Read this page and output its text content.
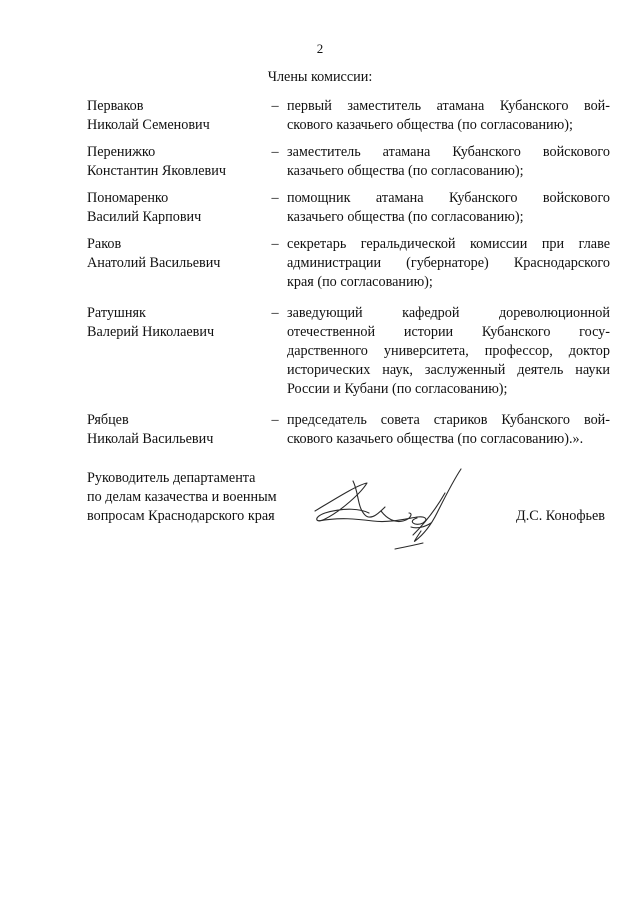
2
Члены комиссии:
Перваков
Николай Семенович
– первый заместитель атамана Кубанского вой-
скового казачьего общества (по согласованию);
Перенижко
Константин Яковлевич
– заместитель атамана Кубанского войскового
казачьего общества (по согласованию);
Пономаренко
Василий Карпович
– помощник атамана Кубанского войскового
казачьего общества (по согласованию);
Раков
Анатолий Васильевич
– секретарь геральдической комиссии при главе
администрации (губернаторе) Краснодарского
края (по согласованию);
Ратушняк
Валерий Николаевич
– заведующий кафедрой дореволюционной
отечественной истории Кубанского госу-
дарственного университета, профессор, доктор
исторических наук, заслуженный деятель науки
России и Кубани (по согласованию);
Рябцев
Николай Васильевич
– председатель совета стариков Кубанского вой-
скового казачьего общества (по согласованию).».
Руководитель департамента
по делам казачества и военным
вопросам Краснодарского края	Д.С. Конофьев
